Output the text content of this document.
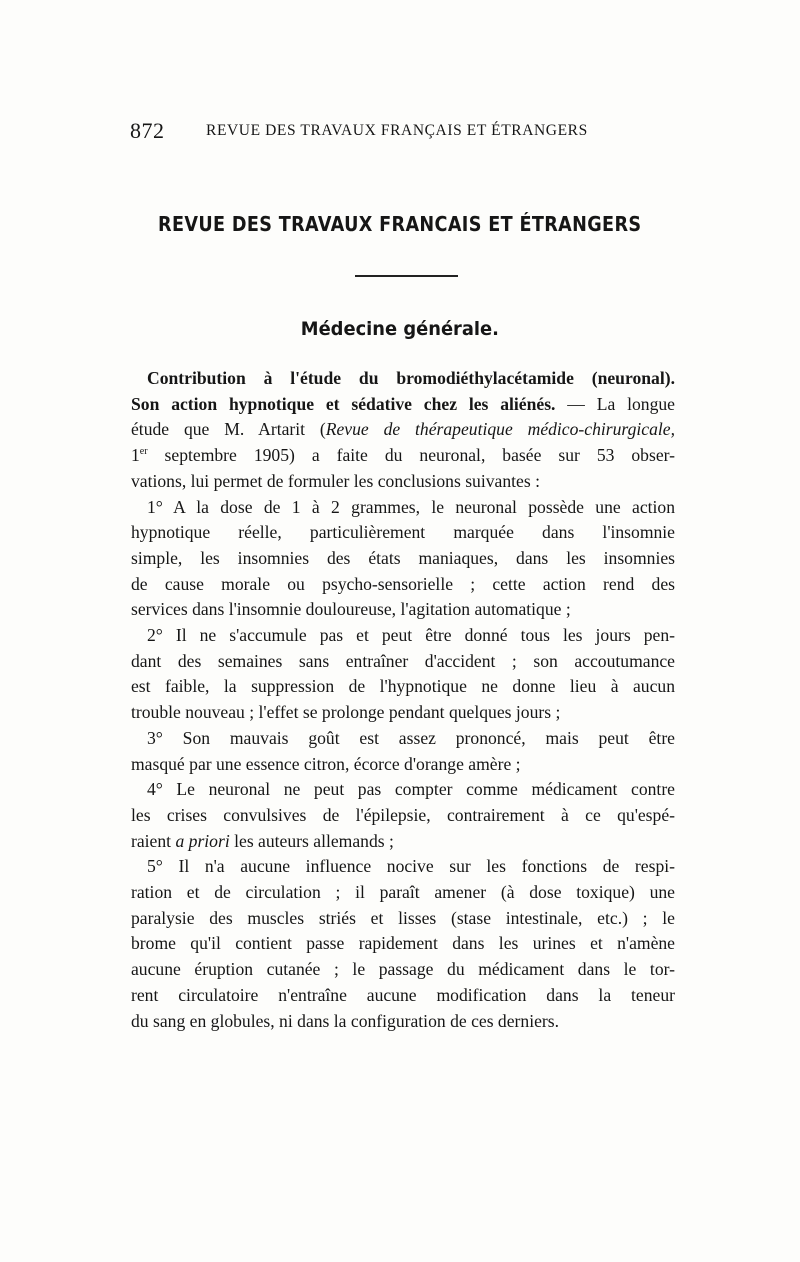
872	REVUE DES TRAVAUX FRANÇAIS ET ÉTRANGERS
REVUE DES TRAVAUX FRANCAIS ET ÉTRANGERS
Médecine générale.
Contribution à l'étude du bromodiéthylacétamide (neuronal).
Son action hypnotique et sédative chez les aliénés. — La longue
étude que M. Artarit (Revue de thérapeutique médico-chirurgicale,
1er septembre 1905) a faite du neuronal, basée sur 53 obser-
vations, lui permet de formuler les conclusions suivantes :
1° A la dose de 1 à 2 grammes, le neuronal possède une action
hypnotique réelle, particulièrement marquée dans l'insomnie
simple, les insomnies des états maniaques, dans les insomnies
de cause morale ou psycho-sensorielle ; cette action rend des
services dans l'insomnie douloureuse, l'agitation automatique ;
2° Il ne s'accumule pas et peut être donné tous les jours pen-
dant des semaines sans entraîner d'accident ; son accoutumance
est faible, la suppression de l'hypnotique ne donne lieu à aucun
trouble nouveau ; l'effet se prolonge pendant quelques jours ;
3° Son mauvais goût est assez prononcé, mais peut être
masqué par une essence citron, écorce d'orange amère ;
4° Le neuronal ne peut pas compter comme médicament contre
les crises convulsives de l'épilepsie, contrairement à ce qu'espé-
raient a priori les auteurs allemands ;
5° Il n'a aucune influence nocive sur les fonctions de respi-
ration et de circulation ; il paraît amener (à dose toxique) une
paralysie des muscles striés et lisses (stase intestinale, etc.) ; le
brome qu'il contient passe rapidement dans les urines et n'amène
aucune éruption cutanée ; le passage du médicament dans le tor-
rent circulatoire n'entraîne aucune modification dans la teneur
du sang en globules, ni dans la configuration de ces derniers.
